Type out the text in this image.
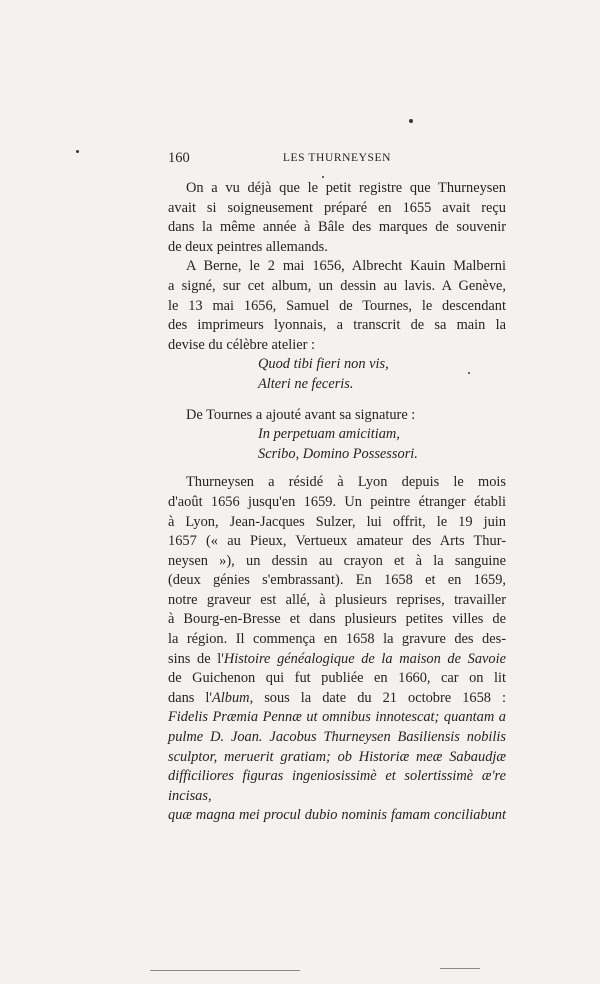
160	LES THURNEYSEN

On a vu déjà que le petit registre que Thurneysen

avait si soigneusement préparé en 1655 avait reçu

dans la même année à Bâle des marques de souvenir

de deux peintres allemands.

A Berne, le 2 mai 1656, Albrecht Kauin Malberni

a signé, sur cet album, un dessin au lavis. A Genève,

le 13 mai 1656, Samuel de Tournes, le descendant

des imprimeurs lyonnais, a transcrit de sa main la

devise du célèbre atelier :

Quod tibi fieri non vis,

Alteri ne feceris.

De Tournes a ajouté avant sa signature :

In perpetuam amicitiam,

Scribo, Domino Possessori.

Thurneysen a résidé à Lyon depuis le mois

d'août 1656 jusqu'en 1659. Un peintre étranger établi

à Lyon, Jean-Jacques Sulzer, lui offrit, le 19 juin

1657 (« au Pieux, Vertueux amateur des Arts Thur-

neysen »), un dessin au crayon et à la sanguine

(deux génies s'embrassant). En 1658 et en 1659,

notre graveur est allé, à plusieurs reprises, travailler

à Bourg-en-Bresse et dans plusieurs petites villes de

la région. Il commença en 1658 la gravure des des-

sins de l'Histoire généalogique de la maison de Savoie

de Guichenon qui fut publiée en 1660, car on lit

dans l'Album, sous la date du 21 octobre 1658 :

Fidelis Præmia Pennæ ut omnibus innotescat; quantam a

pulme D. Joan. Jacobus Thurneysen Basiliensis nobilis

sculptor, meruerit gratiam; ob Historiæ meæ Sabaudjæ

difficiliores figuras ingeniosissimè et solertissimè æ're incisas,

quæ magna mei procul dubio nominis famam conciliabunt
